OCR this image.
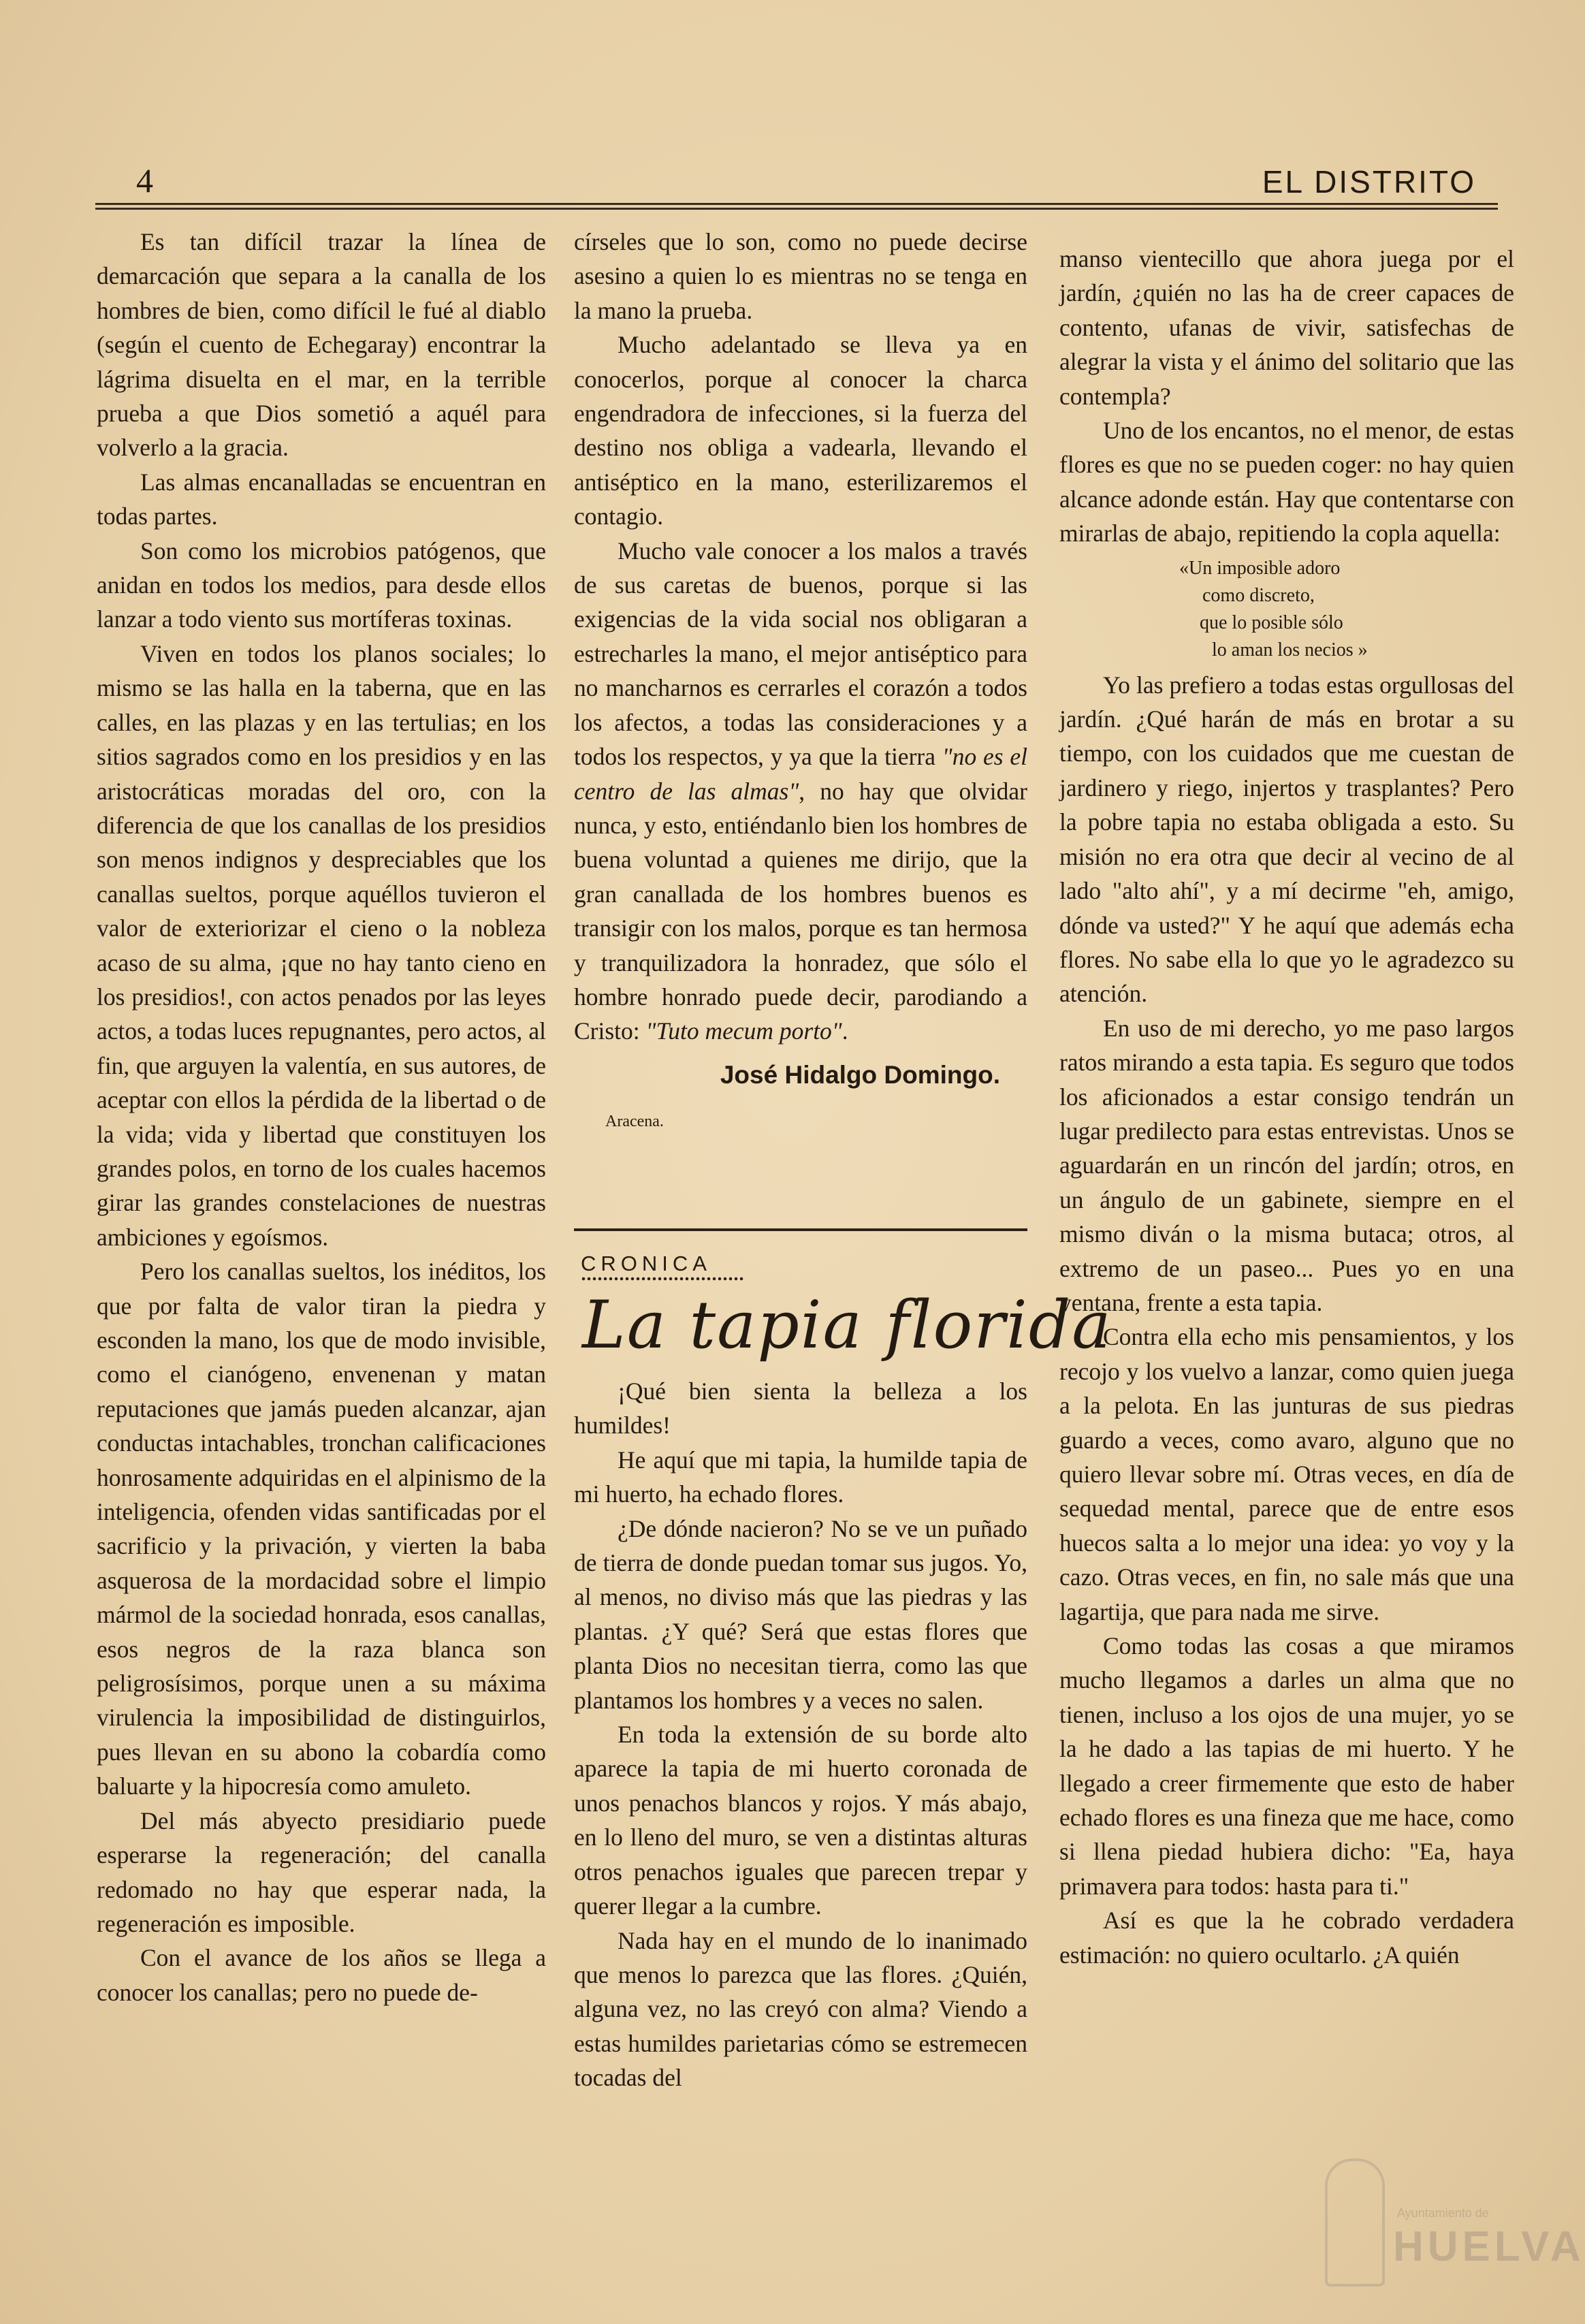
4	EL DISTRITO

Es tan difícil trazar la línea de demarcación que separa a la canalla de los hombres de bien, como difícil le fué al diablo (según el cuento de Echegaray) encontrar la lágrima disuelta en el mar, en la terrible prueba a que Dios sometió a aquél para volverlo a la gracia.

Las almas encanalladas se encuentran en todas partes.

Son como los microbios patógenos, que anidan en todos los medios, para desde ellos lanzar a todo viento sus mortíferas toxinas.

Viven en todos los planos sociales; lo mismo se las halla en la taberna, que en las calles, en las plazas y en las tertulias; en los sitios sagrados como en los presidios y en las aristocráticas moradas del oro, con la diferencia de que los canallas de los presidios son menos indignos y despreciables que los canallas sueltos, porque aquéllos tuvieron el valor de exteriorizar el cieno o la nobleza acaso de su alma, ¡que no hay tanto cieno en los presidios!, con actos penados por las leyes actos, a todas luces repugnantes, pero actos, al fin, que arguyen la valentía, en sus autores, de aceptar con ellos la pérdida de la libertad o de la vida; vida y libertad que constituyen los grandes polos, en torno de los cuales hacemos girar las grandes constelaciones de nuestras ambiciones y egoísmos.

Pero los canallas sueltos, los inéditos, los que por falta de valor tiran la piedra y esconden la mano, los que de modo invisible, como el cianógeno, envenenan y matan reputaciones que jamás pueden alcanzar, ajan conductas intachables, tronchan calificaciones honrosamente adquiridas en el alpinismo de la inteligencia, ofenden vidas santificadas por el sacrificio y la privación, y vierten la baba asquerosa de la mordacidad sobre el limpio mármol de la sociedad honrada, esos canallas, esos negros de la raza blanca son peligrosísimos, porque unen a su máxima virulencia la imposibilidad de distinguirlos, pues llevan en su abono la cobardía como baluarte y la hipocresía como amuleto.

Del más abyecto presidiario puede esperarse la regeneración; del canalla redomado no hay que esperar nada, la regeneración es imposible.

Con el avance de los años se llega a conocer los canallas; pero no puede de-

círseles que lo son, como no puede decirse asesino a quien lo es mientras no se tenga en la mano la prueba.

Mucho adelantado se lleva ya en conocerlos, porque al conocer la charca engendradora de infecciones, si la fuerza del destino nos obliga a vadearla, llevando el antiséptico en la mano, esterilizaremos el contagio.

Mucho vale conocer a los malos a través de sus caretas de buenos, porque si las exigencias de la vida social nos obligaran a estrecharles la mano, el mejor antiséptico para no mancharnos es cerrarles el corazón a todos los afectos, a todas las consideraciones y a todos los respectos, y ya que la tierra "no es el centro de las almas", no hay que olvidar nunca, y esto, entiéndanlo bien los hombres de buena voluntad a quienes me dirijo, que la gran canallada de los hombres buenos es transigir con los malos, porque es tan hermosa y tranquilizadora la honradez, que sólo el hombre honrado puede decir, parodiando a Cristo: "Tuto mecum porto".

José Hidalgo Domingo.
Aracena.

¡Qué bien sienta la belleza a los humildes!

He aquí que mi tapia, la humilde tapia de mi huerto, ha echado flores.

¿De dónde nacieron? No se ve un puñado de tierra de donde puedan tomar sus jugos. Yo, al menos, no diviso más que las piedras y las plantas. ¿Y qué? Será que estas flores que planta Dios no necesitan tierra, como las que plantamos los hombres y a veces no salen.

En toda la extensión de su borde alto aparece la tapia de mi huerto coronada de unos penachos blancos y rojos. Y más abajo, en lo lleno del muro, se ven a distintas alturas otros penachos iguales que parecen trepar y querer llegar a la cumbre.

Nada hay en el mundo de lo inanimado que menos lo parezca que las flores. ¿Quién, alguna vez, no las creyó con alma? Viendo a estas humildes parietarias cómo se estremecen tocadas del

CRONICA
La tapia florida

manso vientecillo que ahora juega por el jardín, ¿quién no las ha de creer capaces de contento, ufanas de vivir, satisfechas de alegrar la vista y el ánimo del solitario que las contempla?

Uno de los encantos, no el menor, de estas flores es que no se pueden coger: no hay quien alcance adonde están. Hay que contentarse con mirarlas de abajo, repitiendo la copla aquella:

«Un imposible adoro
como discreto,
que lo posible sólo
lo aman los necios »

Yo las prefiero a todas estas orgullosas del jardín. ¿Qué harán de más en brotar a su tiempo, con los cuidados que me cuestan de jardinero y riego, injertos y trasplantes? Pero la pobre tapia no estaba obligada a esto. Su misión no era otra que decir al vecino de al lado "alto ahí", y a mí decirme "eh, amigo, dónde va usted?" Y he aquí que además echa flores. No sabe ella lo que yo le agradezco su atención.

En uso de mi derecho, yo me paso largos ratos mirando a esta tapia. Es seguro que todos los aficionados a estar consigo tendrán un lugar predilecto para estas entrevistas. Unos se aguardarán en un rincón del jardín; otros, en un ángulo de un gabinete, siempre en el mismo diván o la misma butaca; otros, al extremo de un paseo... Pues yo en una ventana, frente a esta tapia.

Contra ella echo mis pensamientos, y los recojo y los vuelvo a lanzar, como quien juega a la pelota. En las junturas de sus piedras guardo a veces, como avaro, alguno que no quiero llevar sobre mí. Otras veces, en día de sequedad mental, parece que de entre esos huecos salta a lo mejor una idea: yo voy y la cazo. Otras veces, en fin, no sale más que una lagartija, que para nada me sirve.

Como todas las cosas a que miramos mucho llegamos a darles un alma que no tienen, incluso a los ojos de una mujer, yo se la he dado a las tapias de mi huerto. Y he llegado a creer firmemente que esto de haber echado flores es una fineza que me hace, como si llena piedad hubiera dicho: "Ea, haya primavera para todos: hasta para ti."

Así es que la he cobrado verdadera estimación: no quiero ocultarlo. ¿A quién

Ayuntamiento de
HUELVA
